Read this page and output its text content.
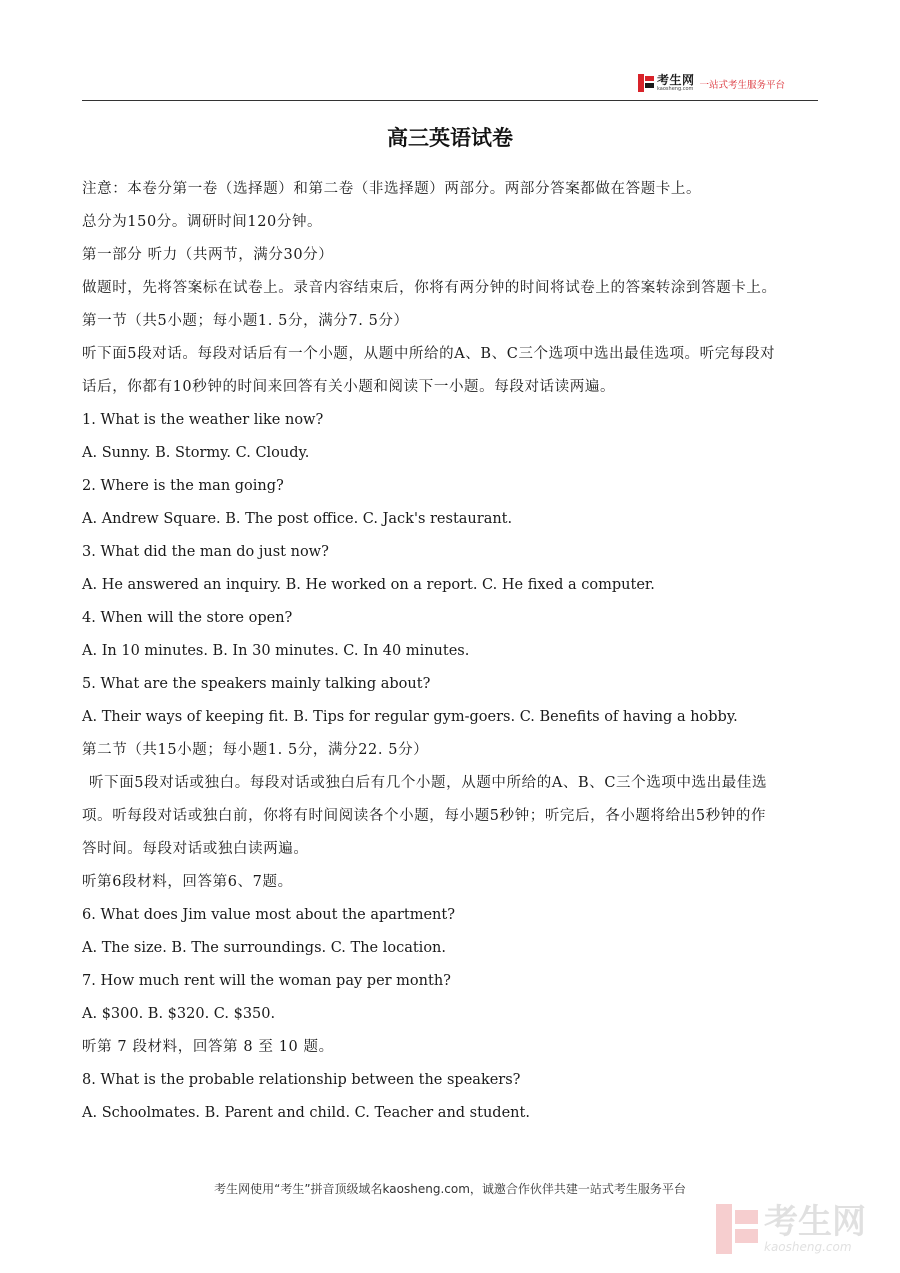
考生网
kaosheng.com 一站式考生服务平台
高三英语试卷
注意：本卷分第一卷（选择题）和第二卷（非选择题）两部分。两部分答案都做在答题卡上。
总分为150分。调研时间120分钟。
第一部分 听力（共两节，满分30分）
做题时，先将答案标在试卷上。录音内容结束后，你将有两分钟的时间将试卷上的答案转涂到答题卡上。
第一节（共5小题；每小题1. 5分，满分7. 5分）
听下面5段对话。每段对话后有一个小题，从题中所给的A、B、C三个选项中选出最佳选项。听完每段对
话后，你都有10秒钟的时间来回答有关小题和阅读下一小题。每段对话读两遍。
1. What is the weather like now?
A. Sunny. B. Stormy. C. Cloudy.
2. Where is the man going?
A. Andrew Square. B. The post office. C. Jack's restaurant.
3. What did the man do just now?
A. He answered an inquiry. B. He worked on a report. C. He fixed a computer.
4. When will the store open?
A. In 10 minutes. B. In 30 minutes. C. In 40 minutes.
5. What are the speakers mainly talking about?
A. Their ways of keeping fit. B. Tips for regular gym-goers. C. Benefits of having a hobby.
第二节（共15小题；每小题1. 5分，满分22. 5分）
听下面5段对话或独白。每段对话或独白后有几个小题，从题中所给的A、B、C三个选项中选出最佳选
项。听每段对话或独白前，你将有时间阅读各个小题，每小题5秒钟；听完后，各小题将给出5秒钟的作
答时间。每段对话或独白读两遍。
听第6段材料，回答第6、7题。
6. What does Jim value most about the apartment?
A. The size. B. The surroundings. C. The location.
7. How much rent will the woman pay per month?
A. $300. B. $320. C. $350.
听第 7 段材料，回答第 8 至 10 题。
8. What is the probable relationship between the speakers?
A. Schoolmates. B. Parent and child. C. Teacher and student.
考生网使用“考生”拼音顶级域名kaosheng.com，诚邀合作伙伴共建一站式考生服务平台
考生网
kaosheng.com
